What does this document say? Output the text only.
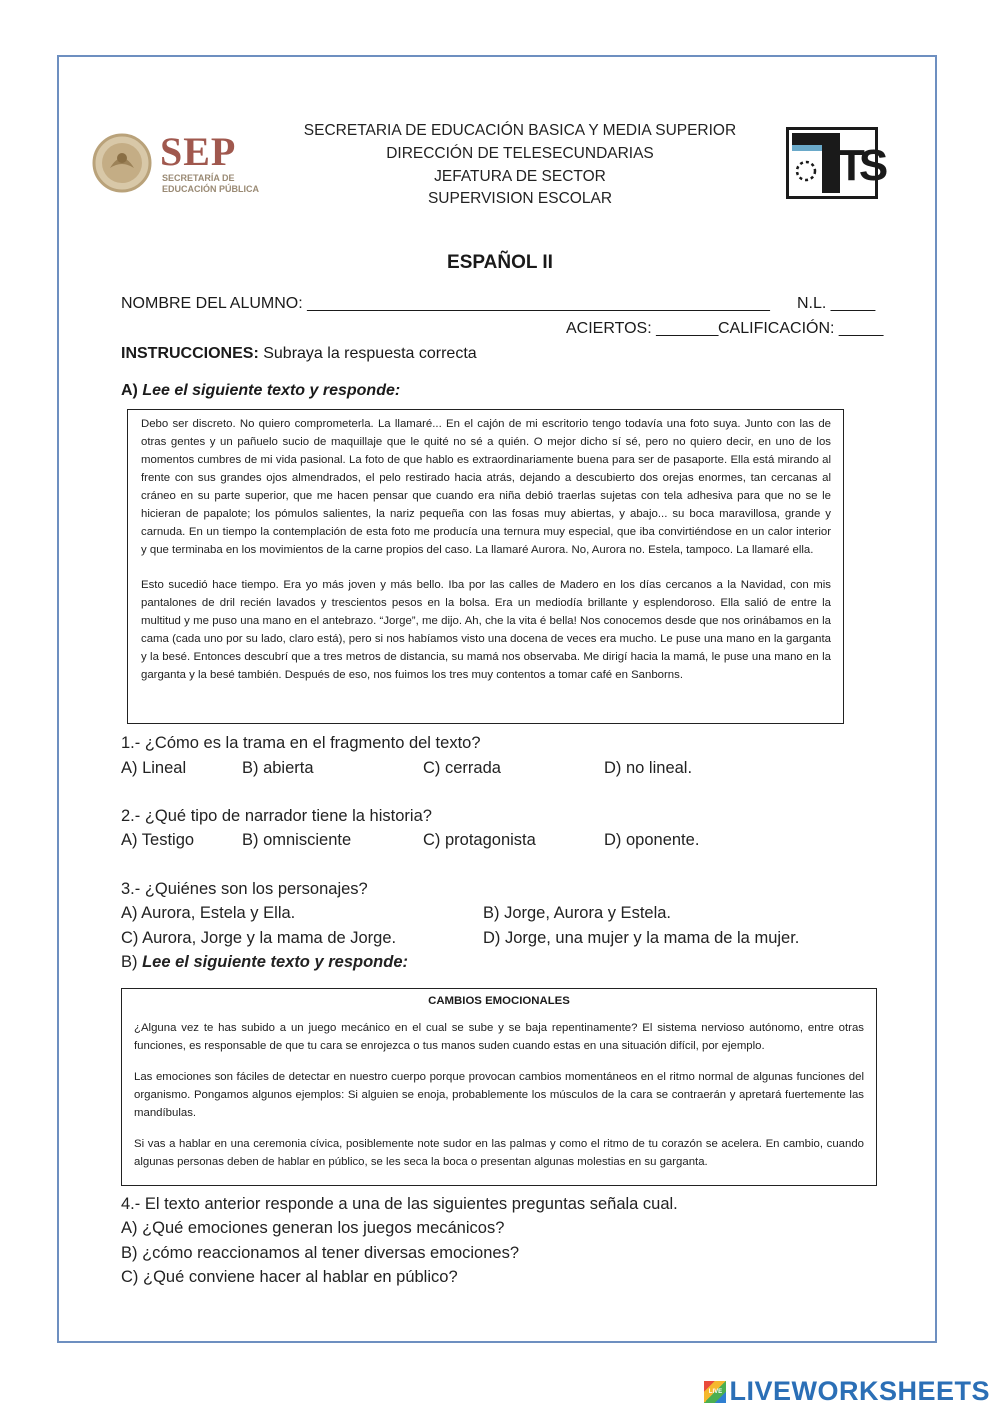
SEP
SECRETARÍA DE
EDUCACIÓN PÚBLICA
SECRETARIA DE EDUCACIÓN BASICA Y MEDIA SUPERIOR
DIRECCIÓN DE TELESECUNDARIAS
JEFATURA DE SECTOR
SUPERVISION ESCOLAR
TS
ESPAÑOL II
NOMBRE DEL ALUMNO: ____________________________________________________ N.L. _____
ACIERTOS: _______ CALIFICACIÓN: _____
INSTRUCCIONES: Subraya la respuesta correcta
A) Lee el siguiente texto y responde:

Debo ser discreto. No quiero comprometerla. La llamaré... En el cajón de mi escritorio tengo todavía una foto suya. Junto con las de otras gentes y un pañuelo sucio de maquillaje que le quité no sé a quién. O mejor dicho sí sé, pero no quiero decir, en uno de los momentos cumbres de mi vida pasional. La foto de que hablo es extraordinariamente buena para ser de pasaporte. Ella está mirando al frente con sus grandes ojos almendrados, el pelo restirado hacia atrás, dejando a descubierto dos orejas enormes, tan cercanas al cráneo en su parte superior, que me hacen pensar que cuando era niña debió traerlas sujetas con tela adhesiva para que no se le hicieran de papalote; los pómulos salientes, la nariz pequeña con las fosas muy abiertas, y abajo... su boca maravillosa, grande y carnuda. En un tiempo la contemplación de esta foto me producía una ternura muy especial, que iba convirtiéndose en un calor interior y que terminaba en los movimientos de la carne propios del caso. La llamaré Aurora. No, Aurora no. Estela, tampoco. La llamaré ella.

Esto sucedió hace tiempo. Era yo más joven y más bello. Iba por las calles de Madero en los días cercanos a la Navidad, con mis pantalones de dril recién lavados y trescientos pesos en la bolsa. Era un mediodía brillante y esplendoroso. Ella salió de entre la multitud y me puso una mano en el antebrazo. “Jorge”, me dijo. Ah, che la vita é bella! Nos conocemos desde que nos orinábamos en la cama (cada uno por su lado, claro está), pero si nos habíamos visto una docena de veces era mucho. Le puse una mano en la garganta y la besé. Entonces descubrí que a tres metros de distancia, su mamá nos observaba. Me dirigí hacia la mamá, le puse una mano en la garganta y la besé también. Después de eso, nos fuimos los tres muy contentos a tomar café en Sanborns.

1.- ¿Cómo es la trama en el fragmento del texto?
A) Lineal	B) abierta	C) cerrada	D) no lineal.
2.- ¿Qué tipo de narrador tiene la historia?
A) Testigo	B) omnisciente	C) protagonista	D) oponente.
3.- ¿Quiénes son los personajes?
A) Aurora, Estela y Ella.	B) Jorge, Aurora y Estela.
C) Aurora, Jorge y la mama de Jorge.	D) Jorge, una mujer y la mama de la mujer.
B) Lee el siguiente texto y responde:
CAMBIOS EMOCIONALES

¿Alguna vez te has subido a un juego mecánico en el cual se sube y se baja repentinamente? El sistema nervioso autónomo, entre otras funciones, es responsable de que tu cara se enrojezca o tus manos suden cuando estas en una situación difícil, por ejemplo.

Las emociones son fáciles de detectar en nuestro cuerpo porque provocan cambios momentáneos en el ritmo normal de algunas funciones del organismo. Pongamos algunos ejemplos: Si alguien se enoja, probablemente los músculos de la cara se contraerán y apretará fuertemente las mandíbulas.

Si vas a hablar en una ceremonia cívica, posiblemente note sudor en las palmas y como el ritmo de tu corazón se acelera. En cambio, cuando algunas personas deben de hablar en público, se les seca la boca o presentan algunas molestias en su garganta.

4.- El texto anterior responde a una de las siguientes preguntas señala cual.
A) ¿Qué emociones generan los juegos mecánicos?
B) ¿cómo reaccionamos al tener diversas emociones?
C) ¿Qué conviene hacer al hablar en público?
LIVE LIVEWORKSHEETS
